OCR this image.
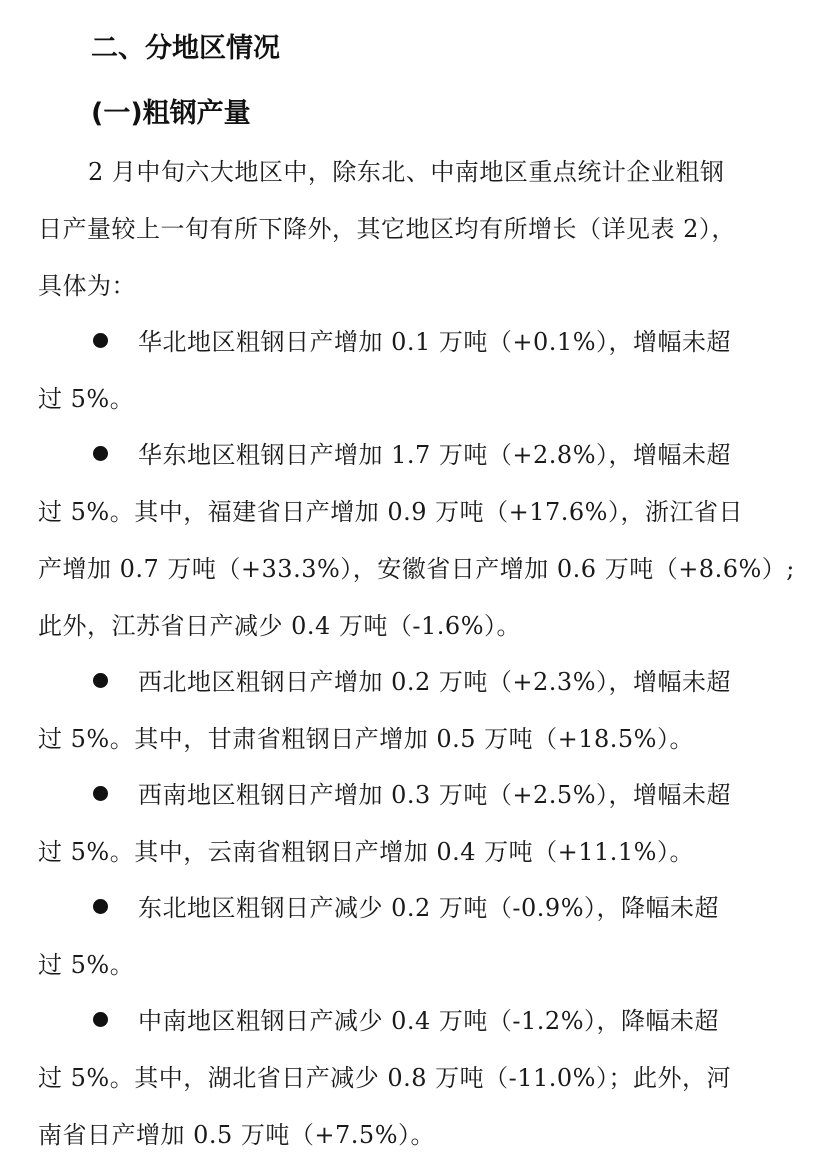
二、分地区情况
(一)粗钢产量
2 月中旬六大地区中，除东北、中南地区重点统计企业粗钢
日产量较上一旬有所下降外，其它地区均有所增长（详见表 2），
具体为：
华北地区粗钢日产增加 0.1 万吨（+0.1%），增幅未超
过 5%。
华东地区粗钢日产增加 1.7 万吨（+2.8%），增幅未超
过 5%。其中，福建省日产增加 0.9 万吨（+17.6%），浙江省日
产增加 0.7 万吨（+33.3%），安徽省日产增加 0.6 万吨（+8.6%）;
此外，江苏省日产减少 0.4 万吨（-1.6%）。
西北地区粗钢日产增加 0.2 万吨（+2.3%），增幅未超
过 5%。其中，甘肃省粗钢日产增加 0.5 万吨（+18.5%）。
西南地区粗钢日产增加 0.3 万吨（+2.5%），增幅未超
过 5%。其中，云南省粗钢日产增加 0.4 万吨（+11.1%）。
东北地区粗钢日产减少 0.2 万吨（-0.9%），降幅未超
过 5%。
中南地区粗钢日产减少 0.4 万吨（-1.2%），降幅未超
过 5%。其中，湖北省日产减少 0.8 万吨（-11.0%）；此外，河
南省日产增加 0.5 万吨（+7.5%）。
